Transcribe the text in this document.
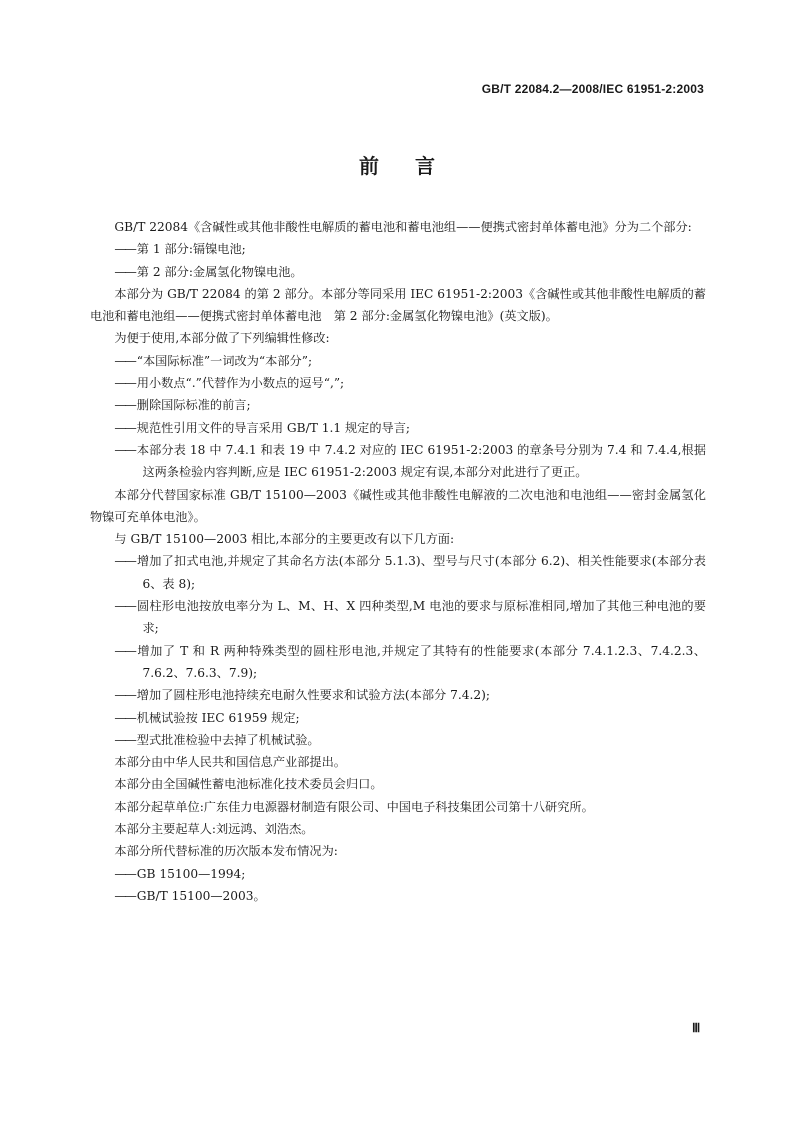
GB/T 22084.2—2008/IEC 61951-2:2003
前 言

GB/T 22084《含碱性或其他非酸性电解质的蓄电池和蓄电池组——便携式密封单体蓄电池》分为二个部分:

—— 第 1 部分:镉镍电池;

—— 第 2 部分:金属氢化物镍电池。

本部分为 GB/T 22084 的第 2 部分。本部分等同采用 IEC 61951-2:2003《含碱性或其他非酸性电解质的蓄电池和蓄电池组——便携式密封单体蓄电池　第 2 部分:金属氢化物镍电池》(英文版)。

为便于使用,本部分做了下列编辑性修改:

—— “本国际标准”一词改为“本部分”;

—— 用小数点“.”代替作为小数点的逗号“,”;

—— 删除国际标准的前言;

—— 规范性引用文件的导言采用 GB/T 1.1 规定的导言;

—— 本部分表 18 中 7.4.1 和表 19 中 7.4.2 对应的 IEC 61951-2:2003 的章条号分别为 7.4 和 7.4.4,根据这两条检验内容判断,应是 IEC 61951-2:2003 规定有误,本部分对此进行了更正。

本部分代替国家标准 GB/T 15100—2003《碱性或其他非酸性电解液的二次电池和电池组——密封金属氢化物镍可充单体电池》。

与 GB/T 15100—2003 相比,本部分的主要更改有以下几方面:

—— 增加了扣式电池,并规定了其命名方法(本部分 5.1.3)、型号与尺寸(本部分 6.2)、相关性能要求(本部分表 6、表 8);

—— 圆柱形电池按放电率分为 L、M、H、X 四种类型,M 电池的要求与原标准相同,增加了其他三种电池的要求;

—— 增加了 T 和 R 两种特殊类型的圆柱形电池,并规定了其特有的性能要求(本部分 7.4.1.2.3、7.4.2.3、7.6.2、7.6.3、7.9);

—— 增加了圆柱形电池持续充电耐久性要求和试验方法(本部分 7.4.2);

—— 机械试验按 IEC 61959 规定;

—— 型式批准检验中去掉了机械试验。

本部分由中华人民共和国信息产业部提出。

本部分由全国碱性蓄电池标准化技术委员会归口。

本部分起草单位:广东佳力电源器材制造有限公司、中国电子科技集团公司第十八研究所。

本部分主要起草人:刘远鸿、刘浩杰。

本部分所代替标准的历次版本发布情况为:

—— GB 15100—1994;

—— GB/T 15100—2003。

Ⅲ
